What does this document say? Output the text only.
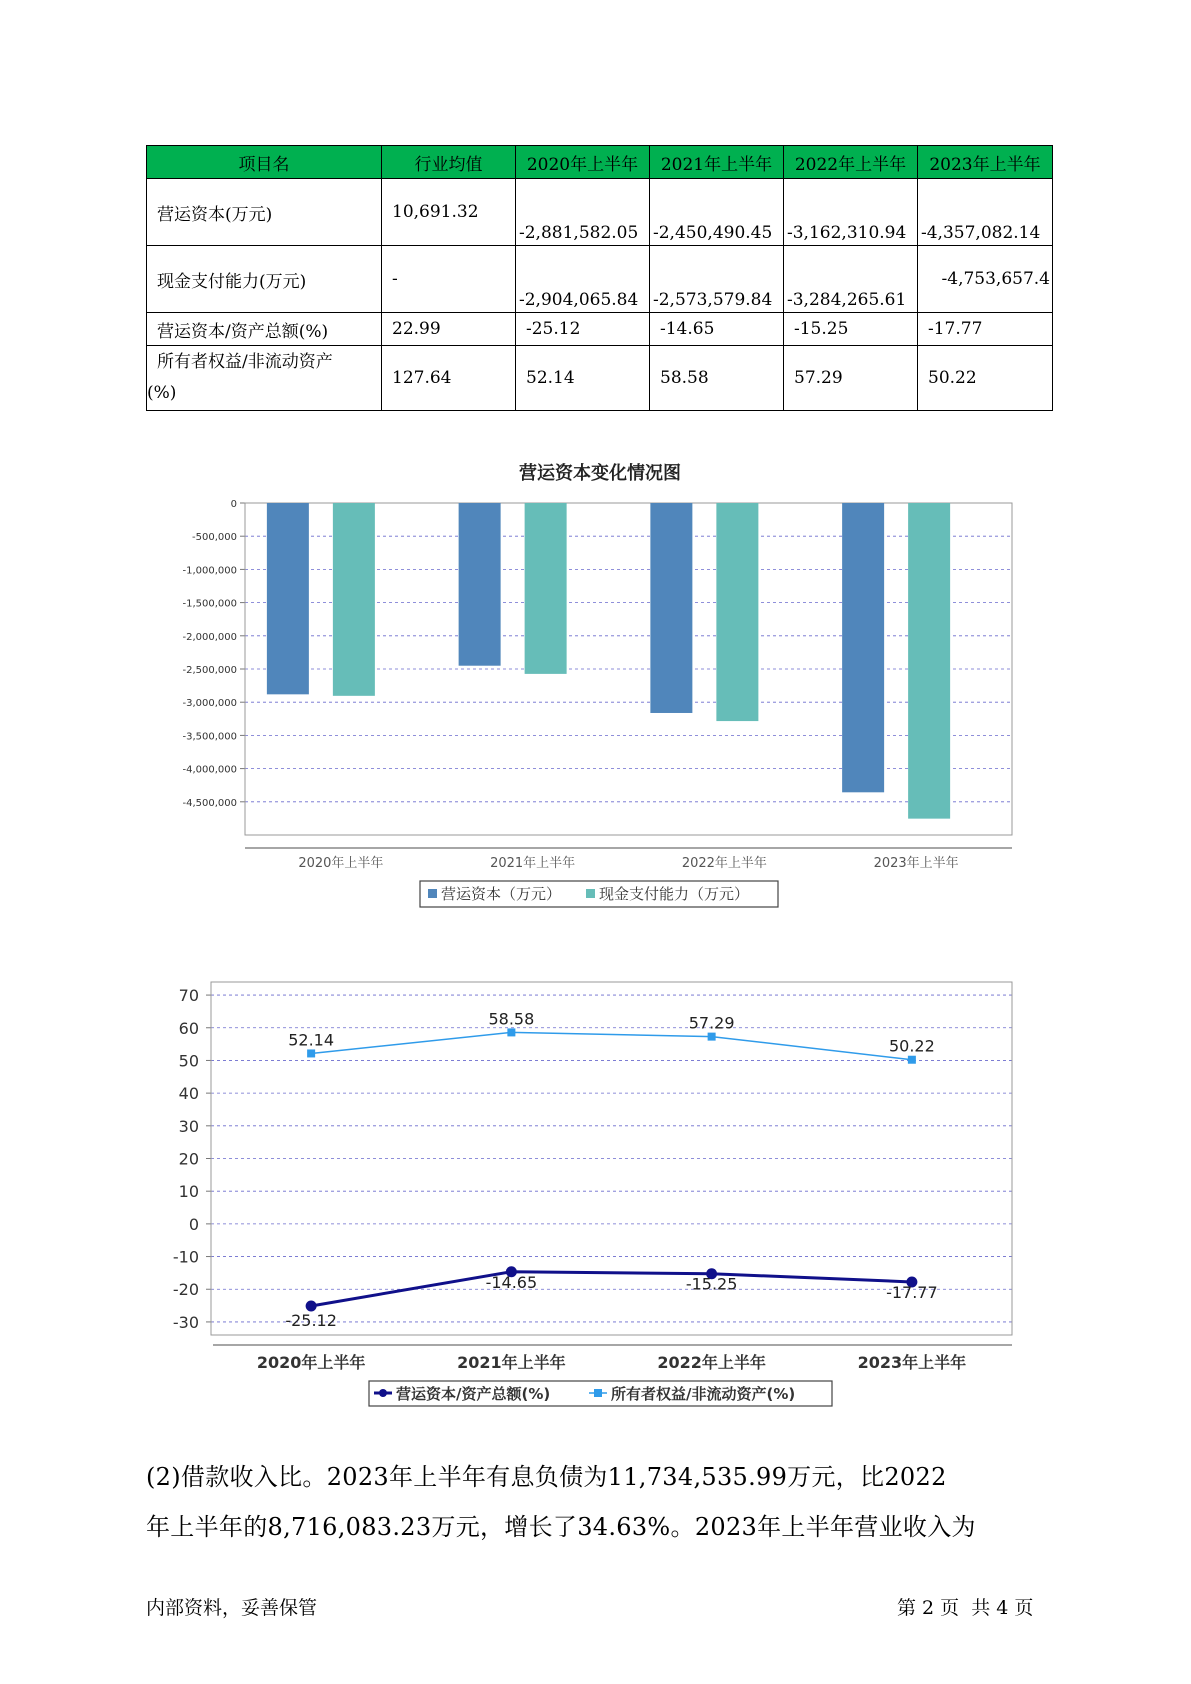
项目名	行业均值	2020年上半年	2021年上半年	2022年上半年	2023年上半年
营运资本(万元)	10,691.32	-2,881,582.05	-2,450,490.45	-3,162,310.94	-4,357,082.14
现金支付能力(万元)	-	-2,904,065.84	-2,573,579.84	-3,284,265.61	-4,753,657.4
营运资本/资产总额(%)	22.99	-25.12	-14.65	-15.25	-17.77

所有者权益/非流动资产
(%)	127.64	52.14	58.58	57.29	50.22
营运资本变化情况图
0
-500,000
-1,000,000
-1,500,000
-2,000,000
-2,500,000
-3,000,000
-3,500,000
-4,000,000
-4,500,000
2020年上半年	2021年上半年	2022年上半年	2023年上半年
营运资本（万元）	现金支付能力（万元）
70
60
50
40
30
20
10
0
-10
-20
-30
2020年上半年	2021年上半年	2022年上半年	2023年上半年
-25.12
-14.65	-15.25	-17.77
52.14
58.58	57.29
50.22
营运资本/资产总额(%)	所有者权益/非流动资产(%)

(2)借款收入比。2023年上半年有息负债为11,734,535.99万元，比2022

年上半年的8,716,083.23万元，增长了34.63%。2023年上半年营业收入为

内部资料，妥善保管	第 2 页  共 4 页
